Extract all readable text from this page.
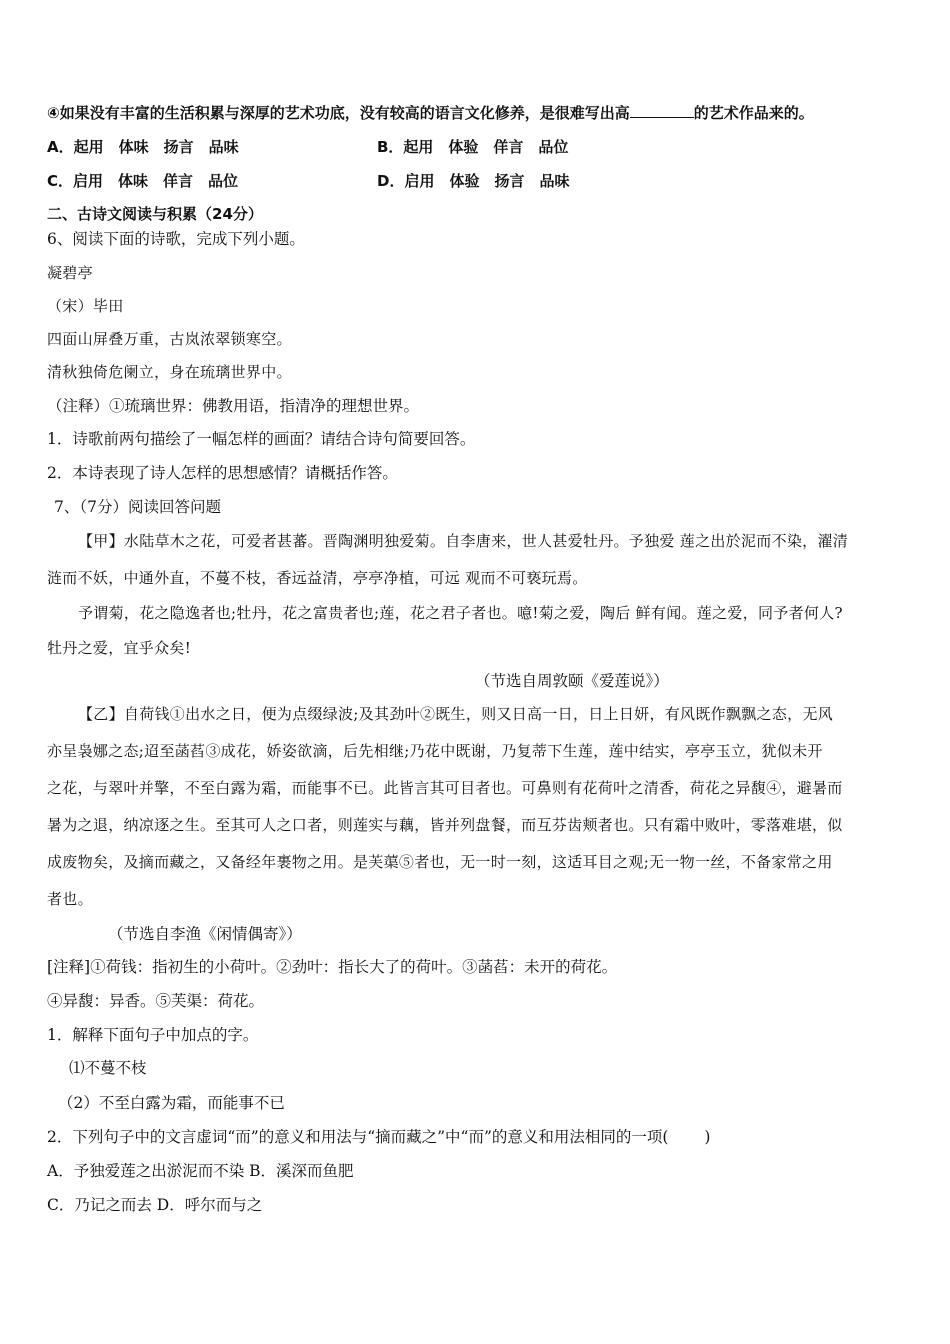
④如果没有丰富的生活积累与深厚的艺术功底，没有较高的语言文化修养，是很难写出高	的艺术作品来的。
A．起用　体味　扬言　品味	B．起用　体验　佯言　品位
C．启用　体味　佯言　品位	D．启用　体验　扬言　品味
二、古诗文阅读与积累（24分）
6、阅读下面的诗歌，完成下列小题。
凝碧亭
（宋）毕田
四面山屏叠万重，古岚浓翠锁寒空。
清秋独倚危阑立，身在琉璃世界中。
（注释）①琉璃世界：佛教用语，指清净的理想世界。
1．诗歌前两句描绘了一幅怎样的画面？请结合诗句简要回答。
2．本诗表现了诗人怎样的思想感情？请概括作答。
7、（7分）阅读回答问题
【甲】水陆草木之花，可爱者甚蕃。晋陶渊明独爱菊。自李唐来，世人甚爱牡丹。予独爱 莲之出於泥而不染，濯清
涟而不妖，中通外直，不蔓不枝，香远益清，亭亭净植，可远 观而不可亵玩焉。
予谓菊，花之隐逸者也;牡丹，花之富贵者也;莲，花之君子者也。噫!菊之爱，陶后 鲜有闻。莲之爱，同予者何人?
牡丹之爱，宜乎众矣!
（节选自周敦颐《爱莲说》）
【乙】自荷钱①出水之日，便为点缀绿波;及其劲叶②既生，则又日高一日，日上日妍，有风既作飘飘之态，无风
亦呈袅娜之态;迢至菡萏③成花，娇姿欲滴，后先相继;乃花中既谢，乃复蒂下生莲，莲中结实，亭亭玉立，犹似未开
之花，与翠叶并擎，不至白露为霜，而能事不已。此皆言其可目者也。可鼻则有花荷叶之清香，荷花之异馥④，避暑而
暑为之退，纳凉逐之生。至其可人之口者，则莲实与藕，皆并列盘餐，而互芬齿颊者也。只有霜中败叶，零落难堪，似
成废物矣，及摘而藏之，又备经年裹物之用。是芙蕖⑤者也，无一时一刻，这适耳目之观;无一物一丝，不备家常之用
者也。
（节选自李渔《闲情偶寄》）
[注释]①荷钱：指初生的小荷叶。②劲叶：指长大了的荷叶。③菡萏：未开的荷花。
④异馥：异香。⑤芙渠：荷花。
1．解释下面句子中加点的字。
⑴不蔓不枝
（2）不至白露为霜，而能事不已
2．下列句子中的文言虚词“而”的意义和用法与“摘而藏之”中“而”的意义和用法相同的一项(　　 )
A．予独爱莲之出淤泥而不染 B．溪深而鱼肥
C．乃记之而去 D．呼尔而与之
